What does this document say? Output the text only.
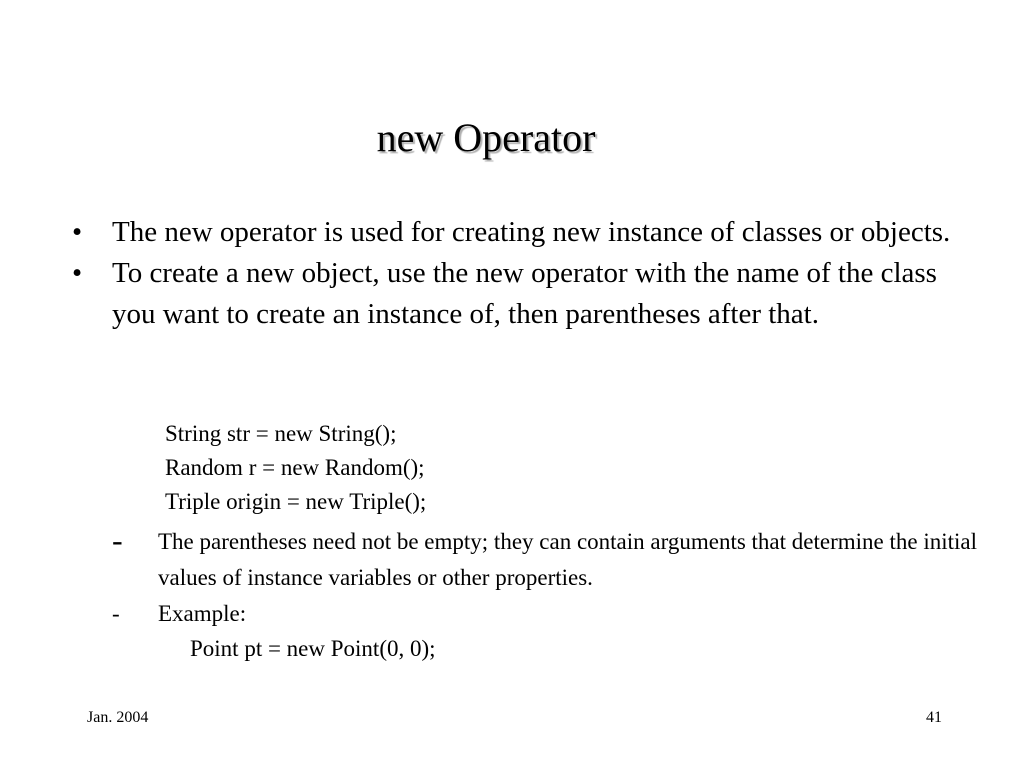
new Operator

•	The new operator is used for creating new instance of classes or objects.

•	To create a new object, use the new operator with the name of the class you want to create an instance of, then parentheses after that.

String str = new String();

Random r = new Random();

Triple origin = new Triple();

- The parentheses need not be empty; they can contain arguments that determine the initial values of instance variables or other properties.

- Example:

Point pt = new Point(0, 0);

Jan. 2004	41
